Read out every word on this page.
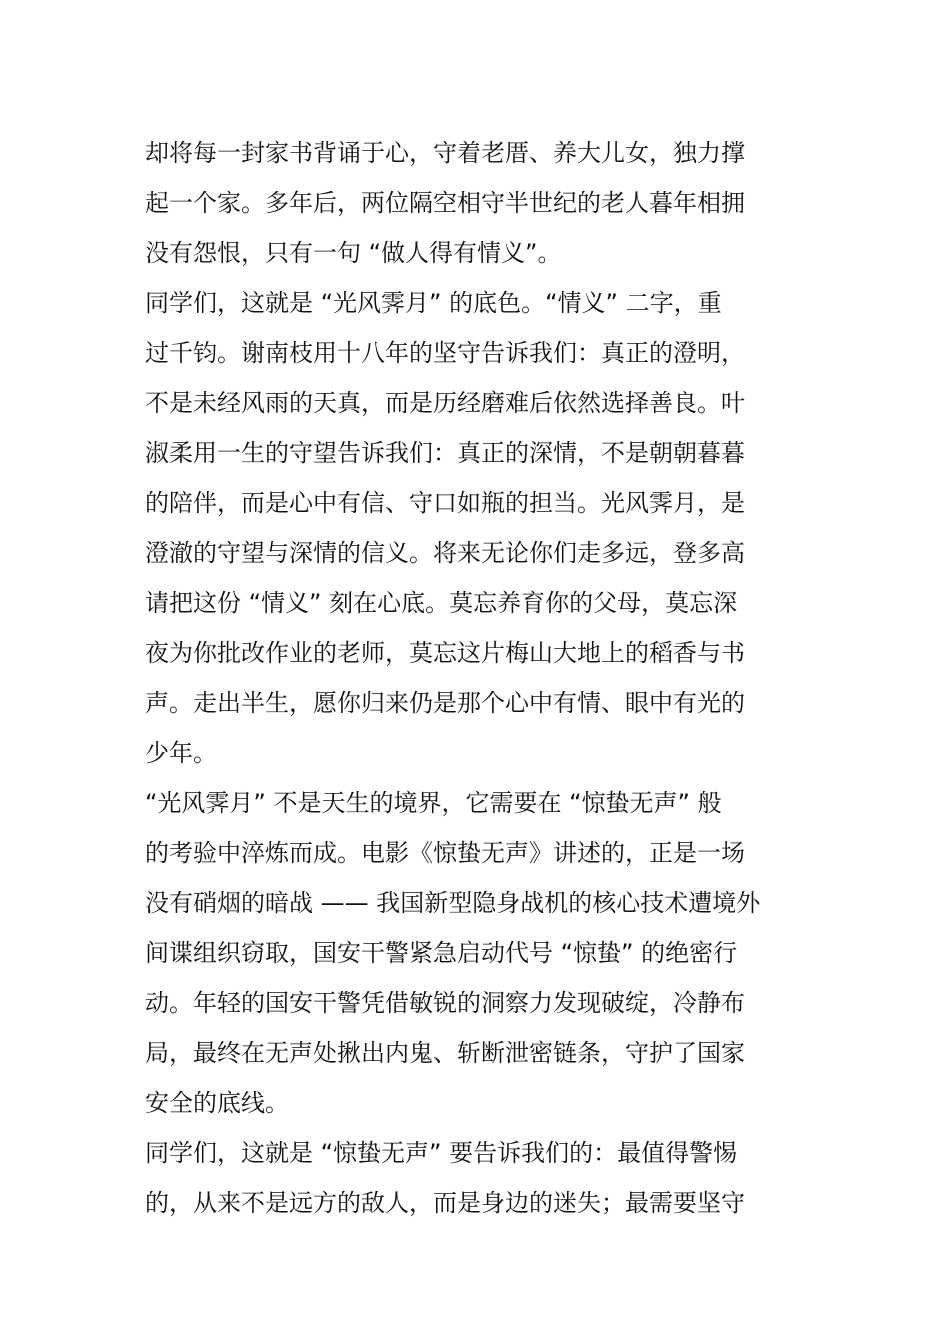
却将每一封家书背诵于心，守着老厝、养大儿女，独力撑

起一个家。多年后，两位隔空相守半世纪的老人暮年相拥

没有怨恨，只有一句 “做人得有情义”。

同学们，这就是 “光风霁月” 的底色。“情义” 二字，重

过千钧。谢南枝用十八年的坚守告诉我们：真正的澄明，

不是未经风雨的天真，而是历经磨难后依然选择善良。叶

淑柔用一生的守望告诉我们：真正的深情，不是朝朝暮暮

的陪伴，而是心中有信、守口如瓶的担当。光风霁月，是

澄澈的守望与深情的信义。将来无论你们走多远，登多高

请把这份 “情义” 刻在心底。莫忘养育你的父母，莫忘深

夜为你批改作业的老师，莫忘这片梅山大地上的稻香与书

声。走出半生，愿你归来仍是那个心中有情、眼中有光的

少年。

“光风霁月” 不是天生的境界，它需要在 “惊蛰无声” 般

的考验中淬炼而成。电影《惊蛰无声》讲述的，正是一场

没有硝烟的暗战 —— 我国新型隐身战机的核心技术遭境外

间谍组织窃取，国安干警紧急启动代号 “惊蛰” 的绝密行

动。年轻的国安干警凭借敏锐的洞察力发现破绽，冷静布

局，最终在无声处揪出内鬼、斩断泄密链条，守护了国家

安全的底线。

同学们，这就是 “惊蛰无声” 要告诉我们的：最值得警惕

的，从来不是远方的敌人，而是身边的迷失；最需要坚守
